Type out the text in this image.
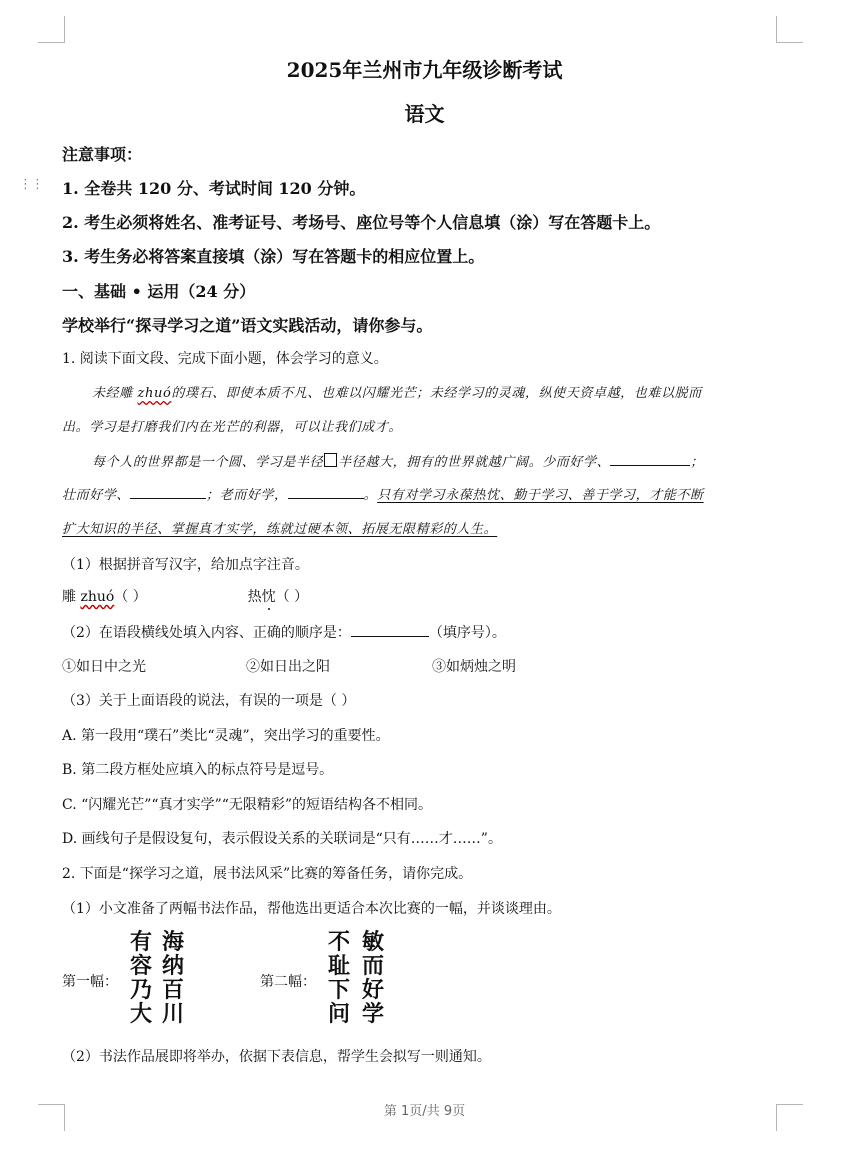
⋮⋮
2025年兰州市九年级诊断考试
语文
注意事项：
1. 全卷共 120 分、考试时间 120 分钟。
2. 考生必须将姓名、准考证号、考场号、座位号等个人信息填（涂）写在答题卡上。
3. 考生务必将答案直接填（涂）写在答题卡的相应位置上。
一、基础 • 运用（24 分）
学校举行“探寻学习之道”语文实践活动，请你参与。
1. 阅读下面文段、完成下面小题，体会学习的意义。
未经雕 zhuó的璞石、即使本质不凡、也难以闪耀光芒；未经学习的灵魂，纵使天资卓越，也难以脱而
出。学习是打磨我们内在光芒的利器，可以让我们成才。
每个人的世界都是一个圆、学习是半径 半径越大，拥有的世界就越广阔。少而好学、	；
壮而好学、	；老而好学，	。只有对学习永葆热忱、勤于学习、善于学习，才能不断
扩大知识的半径、掌握真才实学，练就过硬本领、拓展无限精彩的人生。
（1）根据拼音写汉字，给加点字注音。
雕 zhuó（ ）	热忱（ ）
（2）在语段横线处填入内容、正确的顺序是：	（填序号）。
①如日中之光	②如日出之阳	③如炳烛之明
（3）关于上面语段的说法，有误的一项是（ ）
A. 第一段用“璞石”类比“灵魂”，突出学习的重要性。
B. 第二段方框处应填入的标点符号是逗号。
C. “闪耀光芒”“真才实学”“无限精彩”的短语结构各不相同。
D. 画线句子是假设复句，表示假设关系的关联词是“只有……才……”。
2. 下面是“探学习之道，展书法风采”比赛的筹备任务，请你完成。
（1）小文准备了两幅书法作品，帮他选出更适合本次比赛的一幅，并谈谈理由。
第一幅：
海
纳
百
川
有
容
乃
大
第二幅：
敏
而
好
学
不
耻
下
问
（2）书法作品展即将举办，依据下表信息，帮学生会拟写一则通知。
第 1页/共 9页
